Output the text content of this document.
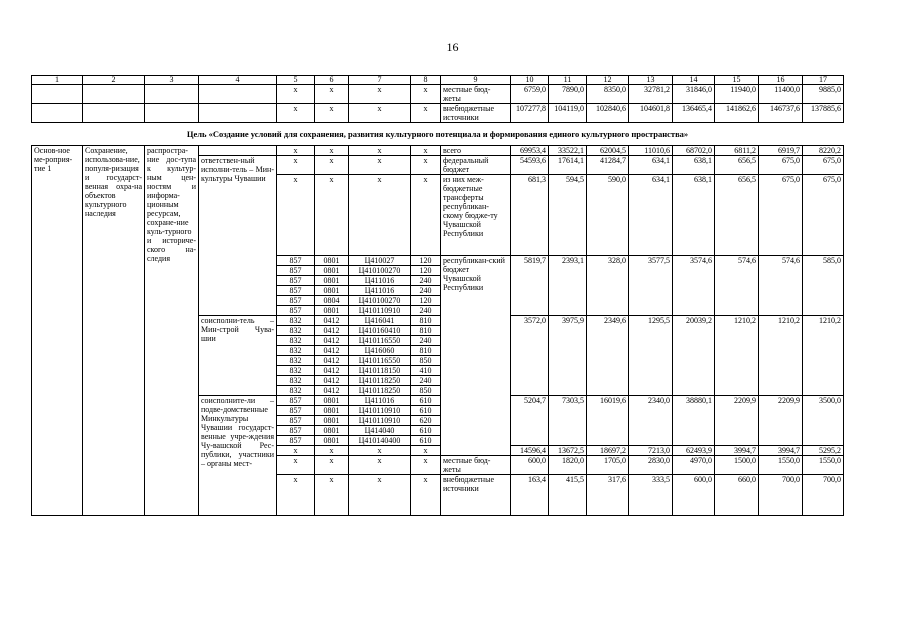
16
1	2	3	4	5	6	7	8	9	10	11	12	13	14	15	16	17
				x	x	x	x	местные бюд-жеты	6759,0	7890,0	8350,0	32781,2	31846,0	11940,0	11400,0	9885,0
				x	x	x	x	внебюджетные источники	107277,8	104119,0	102840,6	104601,8	136465,4	141862,6	146737,6	137885,6
Цель «Создание условий для сохранения, развития культурного потенциала и формирования единого культурного пространства»																
Основ-ное ме-роприя-тие 1	Сохранение, использова-ние, популя-ризация и государст-венная охра-на объектов культурного наследия	распростра-ние дос-тупа к культур-ным цен-ностям и информа-ционным ресурсам, сохране-ние куль-турного и историче-ского на-следия		x	x	x	x	всего	69953,4	33522,1	62004,5	11010,6	68702,0	6811,2	6919,7	8220,2
			ответствен-ный исполни-тель – Мин-культуры Чувашии	x	x	x	x	федеральный бюджет	54593,6	17614,1	41284,7	634,1	638,1	656,5	675,0	675,0
				x	x	x	x	из них меж-бюджетные трансферты республикан-скому бюдже-ту Чувашской Республики	681,3	594,5	590,0	634,1	638,1	656,5	675,0	675,0
				857	0801	Ц410027	120	республикан-ский бюджет Чувашской Республики	5819,7	2393,1	328,0	3577,5	3574,6	574,6	574,6	585,0
				857	0801	Ц410100270	120									
				857	0801	Ц411016	240									
				857	0801	Ц411016	240									
				857	0804	Ц410100270	120									
				857	0801	Ц410110910	240									
			соисполни-тель – Мин-строй Чува-шии	832	0412	Ц416041	810		3572,0	3975,9	2349,6	1295,5	20039,2	1210,2	1210,2	1210,2
				832	0412	Ц410160410	810									
				832	0412	Ц410116550	240									
				832	0412	Ц416060	810									
				832	0412	Ц410116550	850									
				832	0412	Ц410118150	410									
				832	0412	Ц410118250	240									
				832	0412	Ц410118250	850									
			соисполните-ли – подве-домственные Минкультуры Чувашии государст-венные учре-ждения Чу-вашской Рес-публики, участники – органы мест-	857	0801	Ц411016	610		5204,7	7303,5	16019,6	2340,0	38880,1	2209,9	2209,9	3500,0
				857	0801	Ц410110910	610									
				857	0801	Ц410110910	620									
				857	0801	Ц414040	610									
				857	0801	Ц410140400	610									
				x	x	x	x		14596,4	13672,5	18697,2	7213,0	62493,9	3994,7	3994,7	5295,2
				x	x	x	x	местные бюд-жеты	600,0	1820,0	1705,0	2830,0	4970,0	1500,0	1550,0	1550,0
				x	x	x	x	внебюджетные источники	163,4	415,5	317,6	333,5	600,0	660,0	700,0	700,0
